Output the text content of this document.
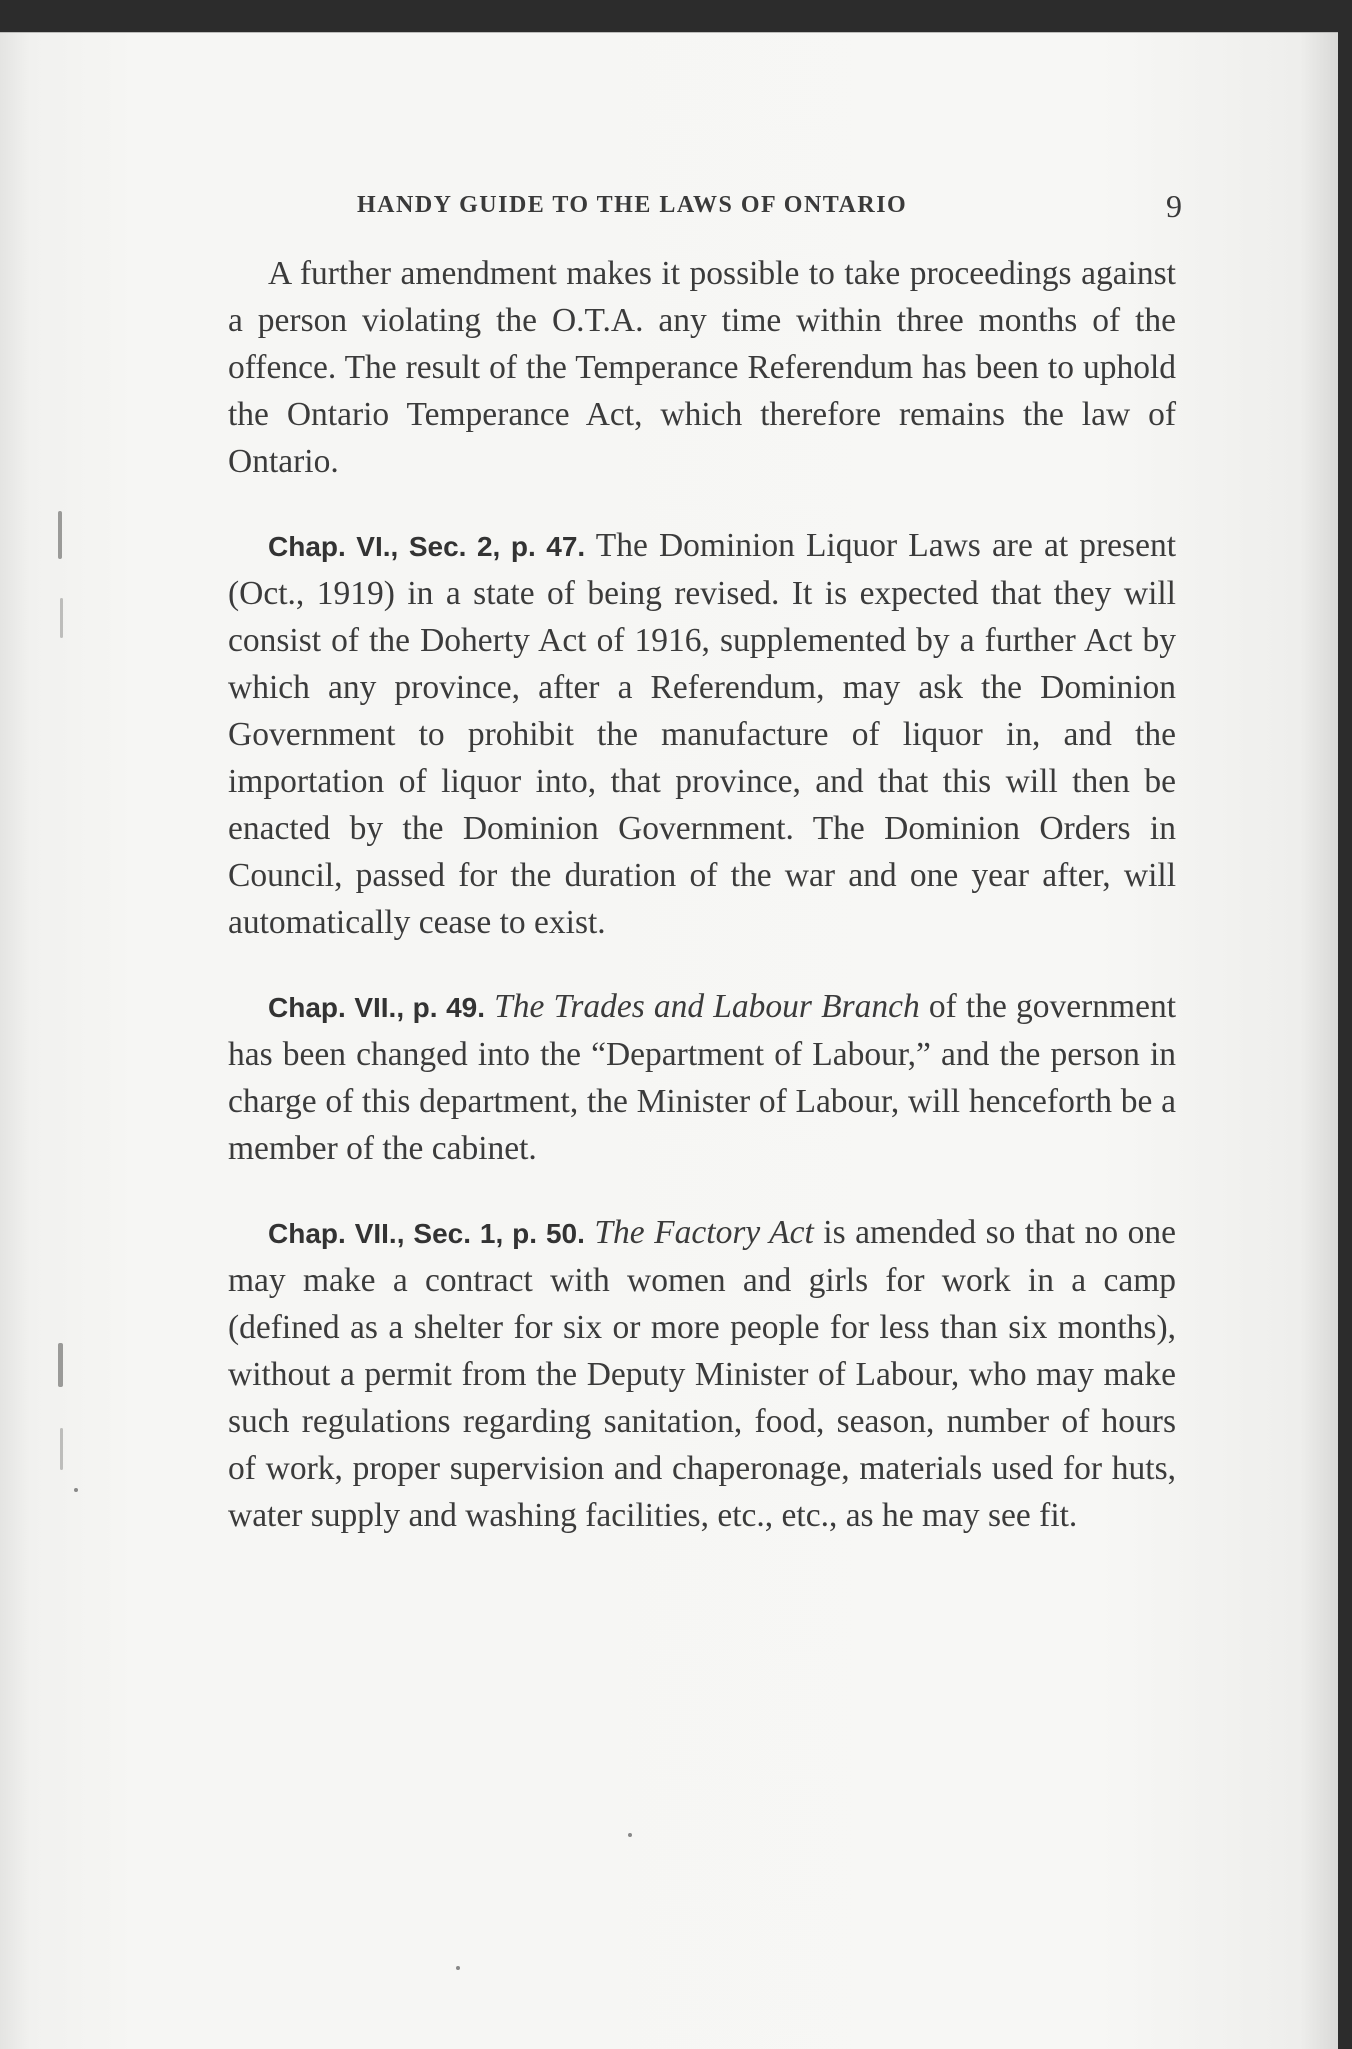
HANDY GUIDE TO THE LAWS OF ONTARIO	9

A further amendment makes it possible to take proceedings against a person violating the O.T.A. any time within three months of the offence. The result of the Temperance Referendum has been to uphold the Ontario Temperance Act, which therefore remains the law of Ontario.

Chap. VI., Sec. 2, p. 47. The Dominion Liquor Laws are at present (Oct., 1919) in a state of being revised. It is expected that they will consist of the Doherty Act of 1916, supplemented by a further Act by which any province, after a Referendum, may ask the Dominion Government to prohibit the manufacture of liquor in, and the importation of liquor into, that province, and that this will then be enacted by the Dominion Government. The Dominion Orders in Council, passed for the duration of the war and one year after, will automatically cease to exist.

Chap. VII., p. 49. The Trades and Labour Branch of the government has been changed into the “Department of Labour,” and the person in charge of this department, the Minister of Labour, will henceforth be a member of the cabinet.

Chap. VII., Sec. 1, p. 50. The Factory Act is amended so that no one may make a contract with women and girls for work in a camp (defined as a shelter for six or more people for less than six months), without a permit from the Deputy Minister of Labour, who may make such regulations regarding sanitation, food, season, number of hours of work, proper supervision and chaperonage, materials used for huts, water supply and washing facilities, etc., etc., as he may see fit.
